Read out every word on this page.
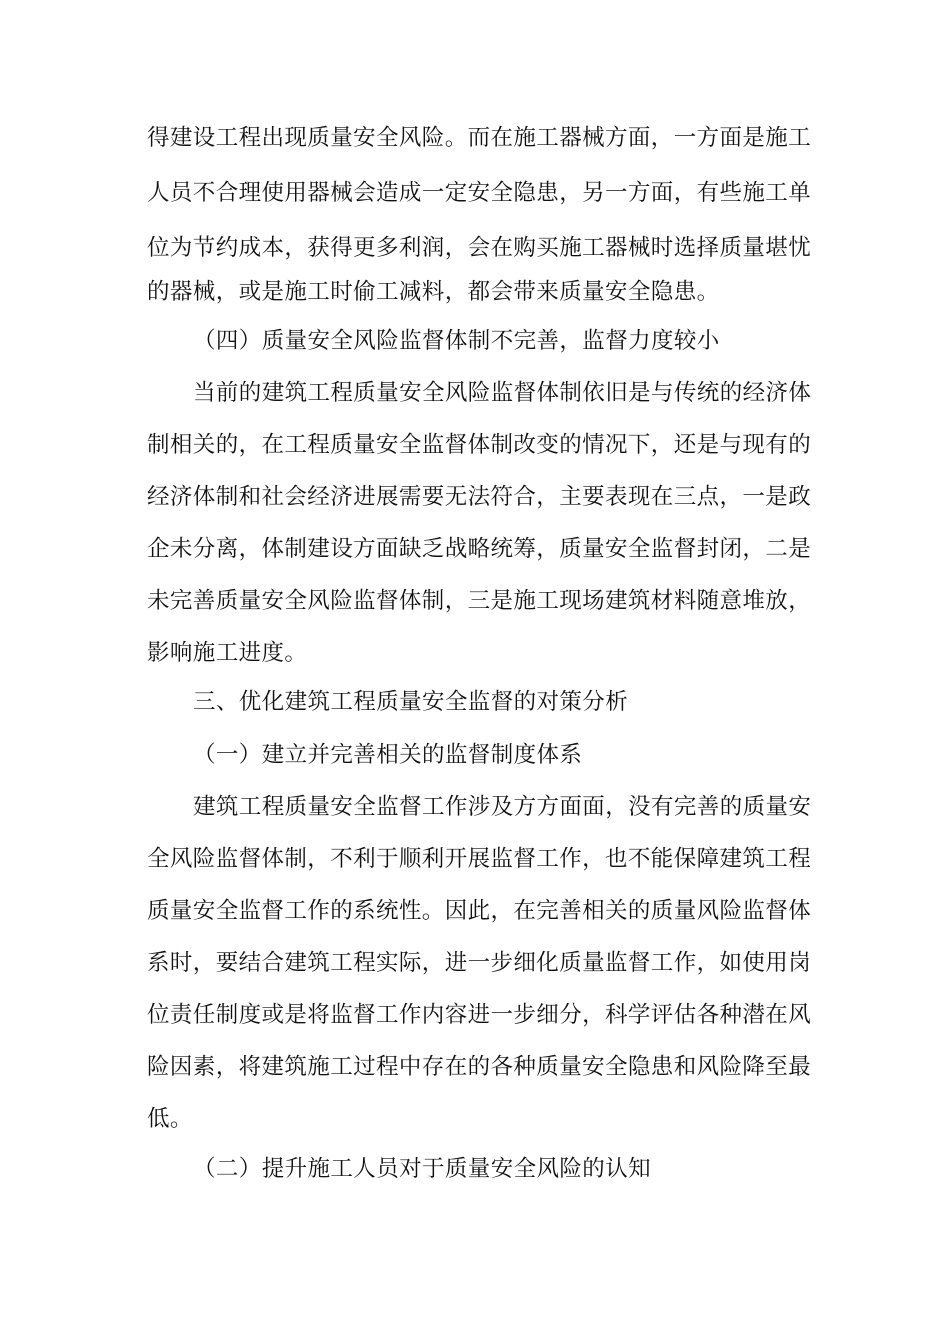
得建设工程出现质量安全风险。而在施工器械方面，一方面是施工
人员不合理使用器械会造成一定安全隐患，另一方面，有些施工单
位为节约成本，获得更多利润，会在购买施工器械时选择质量堪忧
的器械，或是施工时偷工减料，都会带来质量安全隐患。
（四）质量安全风险监督体制不完善，监督力度较小
当前的建筑工程质量安全风险监督体制依旧是与传统的经济体
制相关的，在工程质量安全监督体制改变的情况下，还是与现有的
经济体制和社会经济进展需要无法符合，主要表现在三点，一是政
企未分离，体制建设方面缺乏战略统筹，质量安全监督封闭，二是
未完善质量安全风险监督体制，三是施工现场建筑材料随意堆放，
影响施工进度。
三、优化建筑工程质量安全监督的对策分析
（一）建立并完善相关的监督制度体系
建筑工程质量安全监督工作涉及方方面面，没有完善的质量安
全风险监督体制，不利于顺利开展监督工作，也不能保障建筑工程
质量安全监督工作的系统性。因此，在完善相关的质量风险监督体
系时，要结合建筑工程实际，进一步细化质量监督工作，如使用岗
位责任制度或是将监督工作内容进一步细分，科学评估各种潜在风
险因素，将建筑施工过程中存在的各种质量安全隐患和风险降至最
低。
（二）提升施工人员对于质量安全风险的认知
